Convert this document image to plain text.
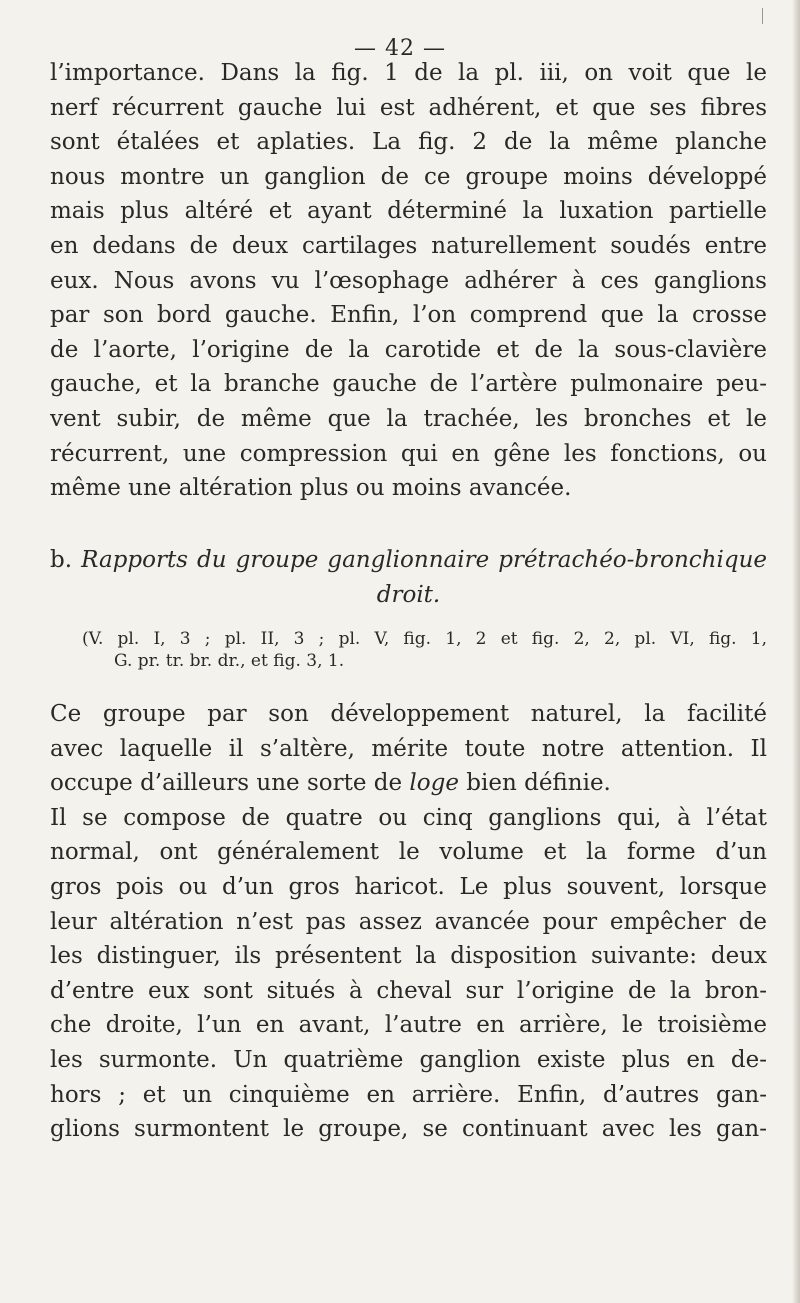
— 42 —
l’importance. Dans la fig. 1 de la pl. iii, on voit que le
nerf récurrent gauche lui est adhérent, et que ses fibres
sont étalées et aplaties. La fig. 2 de la même planche
nous montre un ganglion de ce groupe moins développé
mais plus altéré et ayant déterminé la luxation partielle
en dedans de deux cartilages naturellement soudés entre
eux. Nous avons vu l’œsophage adhérer à ces ganglions
par son bord gauche. Enfin, l’on comprend que la crosse
de l’aorte, l’origine de la carotide et de la sous-clavière
gauche, et la branche gauche de l’artère pulmonaire peu-
vent subir, de même que la trachée, les bronches et le
récurrent, une compression qui en gêne les fonctions, ou
même une altération plus ou moins avancée.
b. Rapports du groupe ganglionnaire prétrachéo-bronchique
droit.
(V. pl. I, 3 ; pl. II, 3 ; pl. V, fig. 1, 2 et fig. 2, 2, pl. VI, fig. 1,
G. pr. tr. br. dr., et fig. 3, 1.
Ce groupe par son développement naturel, la facilité
avec laquelle il s’altère, mérite toute notre attention. Il
occupe d’ailleurs une sorte de loge bien définie.
Il se compose de quatre ou cinq ganglions qui, à l’état
normal, ont généralement le volume et la forme d’un
gros pois ou d’un gros haricot. Le plus souvent, lorsque
leur altération n’est pas assez avancée pour empêcher de
les distinguer, ils présentent la disposition suivante: deux
d’entre eux sont situés à cheval sur l’origine de la bron-
che droite, l’un en avant, l’autre en arrière, le troisième
les surmonte. Un quatrième ganglion existe plus en de-
hors ; et un cinquième en arrière. Enfin, d’autres gan-
glions surmontent le groupe, se continuant avec les gan-
